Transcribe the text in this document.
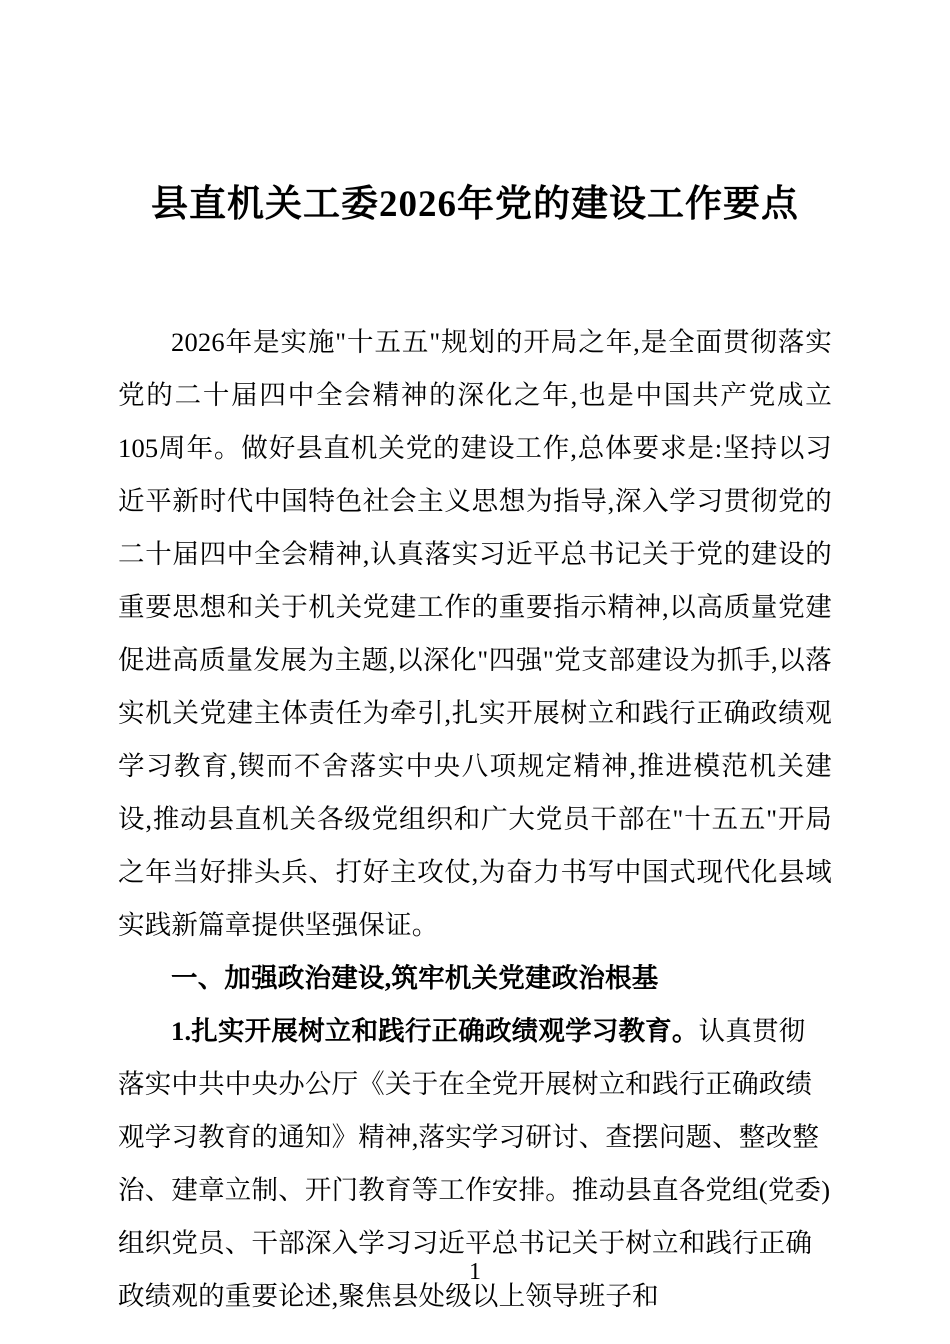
县直机关工委2026年党的建设工作要点

2026年是实施"十五五"规划的开局之年,是全面贯彻落实党的二十届四中全会精神的深化之年,也是中国共产党成立105周年。做好县直机关党的建设工作,总体要求是:坚持以习近平新时代中国特色社会主义思想为指导,深入学习贯彻党的二十届四中全会精神,认真落实习近平总书记关于党的建设的重要思想和关于机关党建工作的重要指示精神,以高质量党建促进高质量发展为主题,以深化"四强"党支部建设为抓手,以落实机关党建主体责任为牵引,扎实开展树立和践行正确政绩观学习教育,锲而不舍落实中央八项规定精神,推进模范机关建设,推动县直机关各级党组织和广大党员干部在"十五五"开局之年当好排头兵、打好主攻仗,为奋力书写中国式现代化县域实践新篇章提供坚强保证。

一、加强政治建设,筑牢机关党建政治根基

1.扎实开展树立和践行正确政绩观学习教育。认真贯彻落实中共中央办公厅《关于在全党开展树立和践行正确政绩观学习教育的通知》精神,落实学习研讨、查摆问题、整改整治、建章立制、开门教育等工作安排。推动县直各党组(党委)组织党员、干部深入学习习近平总书记关于树立和践行正确政绩观的重要论述,聚焦县处级以上领导班子和

1
